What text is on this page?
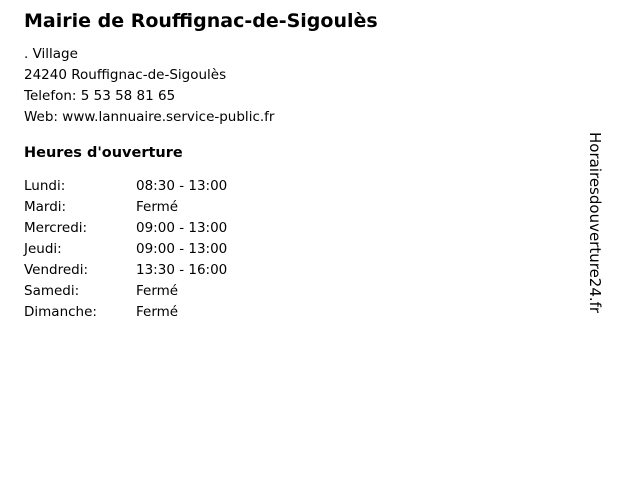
Mairie de Rouffignac-de-Sigoulès
. Village
24240 Rouffignac-de-Sigoulès
Telefon: 5 53 58 81 65
Web: www.lannuaire.service-public.fr
Heures d'ouverture
Lundi:	08:30 - 13:00
Mardi:	Fermé
Mercredi:	09:00 - 13:00
Jeudi:	09:00 - 13:00
Vendredi:	13:30 - 16:00
Samedi:	Fermé
Dimanche:	Fermé	Horairesdouverture24.fr
